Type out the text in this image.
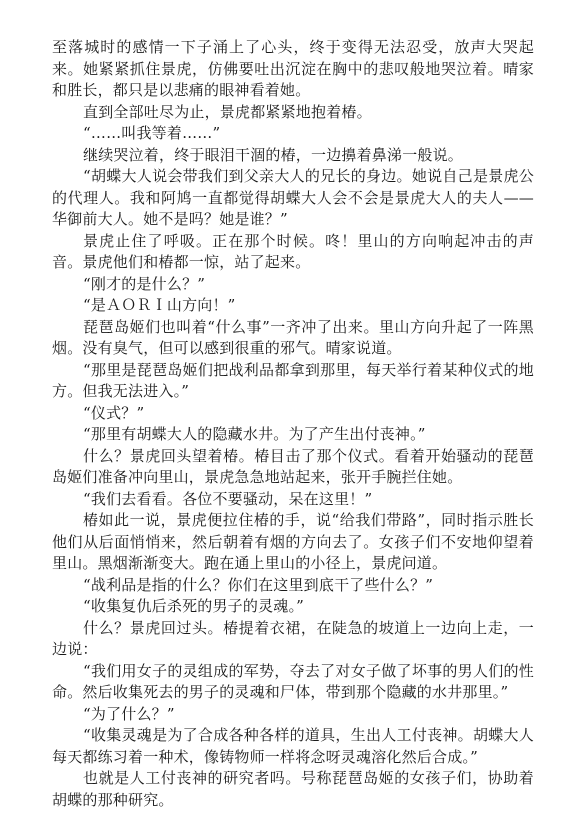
至落城时的感情一下子涌上了心头，终于变得无法忍受，放声大哭起来。她紧紧抓住景虎，仿佛要吐出沉淀在胸中的悲叹般地哭泣着。晴家和胜长，都只是以悲痛的眼神看着她。

直到全部吐尽为止，景虎都紧紧地抱着椿。

“……叫我等着……”

继续哭泣着，终于眼泪干涸的椿，一边擤着鼻涕一般说。

“胡蝶大人说会带我们到父亲大人的兄长的身边。她说自己是景虎公的代理人。我和阿鸠一直都觉得胡蝶大人会不会是景虎大人的夫人——华御前大人。她不是吗？她是谁？”

景虎止住了呼吸。正在那个时候。咚！里山的方向响起冲击的声音。景虎他们和椿都一惊，站了起来。

“刚才的是什么？”

“是ＡＯＲＩ山方向！”

琵琶岛姬们也叫着“什么事”一齐冲了出来。里山方向升起了一阵黑烟。没有臭气，但可以感到很重的邪气。晴家说道。

“那里是琵琶岛姬们把战利品都拿到那里，每天举行着某种仪式的地方。但我无法进入。”

“仪式？”

“那里有胡蝶大人的隐藏水井。为了产生出付丧神。”

什么？景虎回头望着椿。椿目击了那个仪式。看着开始骚动的琵琶岛姬们准备冲向里山，景虎急急地站起来，张开手腕拦住她。

“我们去看看。各位不要骚动，呆在这里！”

椿如此一说，景虎便拉住椿的手，说“给我们带路”，同时指示胜长他们从后面悄悄来，然后朝着有烟的方向去了。女孩子们不安地仰望着里山。黑烟渐渐变大。跑在通上里山的小径上，景虎问道。

“战利品是指的什么？你们在这里到底干了些什么？”

“收集复仇后杀死的男子的灵魂。”

什么？景虎回过头。椿提着衣裙，在陡急的坡道上一边向上走，一边说：

“我们用女子的灵组成的军势，夺去了对女子做了坏事的男人们的性命。然后收集死去的男子的灵魂和尸体，带到那个隐藏的水井那里。”

“为了什么？”

“收集灵魂是为了合成各种各样的道具，生出人工付丧神。胡蝶大人每天都练习着一种术，像铸物师一样将念呀灵魂溶化然后合成。”

也就是人工付丧神的研究者吗。号称琵琶岛姬的女孩子们，协助着胡蝶的那种研究。
